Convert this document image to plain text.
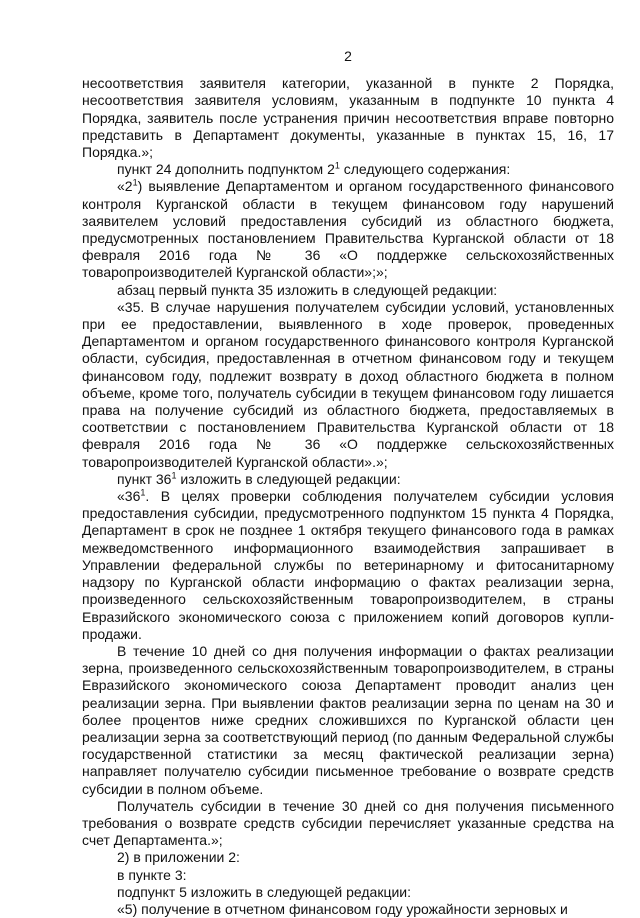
2

несоответствия заявителя категории, указанной в пункте 2 Порядка, несоответствия заявителя условиям, указанным в подпункте 10 пункта 4 Порядка, заявитель после устранения причин несоответствия вправе повторно представить в Департамент документы, указанные в пунктах 15, 16, 17 Порядка.»;

пункт 24 дополнить подпунктом $2^1$ следующего содержания:

«$2^1$) выявление Департаментом и органом государственного финансового контроля Курганской области в текущем финансовом году нарушений заявителем условий предоставления субсидий из областного бюджета, предусмотренных постановлением Правительства Курганской области от 18 февраля 2016 года № 36 «О поддержке сельскохозяйственных товаропроизводителей Курганской области»;»;

абзац первый пункта 35 изложить в следующей редакции:

«35. В случае нарушения получателем субсидии условий, установленных при ее предоставлении, выявленного в ходе проверок, проведенных Департаментом и органом государственного финансового контроля Курганской области, субсидия, предоставленная в отчетном финансовом году и текущем финансовом году, подлежит возврату в доход областного бюджета в полном объеме, кроме того, получатель субсидии в текущем финансовом году лишается права на получение субсидий из областного бюджета, предоставляемых в соответствии с постановлением Правительства Курганской области от 18 февраля 2016 года № 36 «О поддержке сельскохозяйственных товаропроизводителей Курганской области».»;

пункт $36^1$ изложить в следующей редакции:

«$36^1$. В целях проверки соблюдения получателем субсидии условия предоставления субсидии, предусмотренного подпунктом 15 пункта 4 Порядка, Департамент в срок не позднее 1 октября текущего финансового года в рамках межведомственного информационного взаимодействия запрашивает в Управлении федеральной службы по ветеринарному и фитосанитарному надзору по Курганской области информацию о фактах реализации зерна, произведенного сельскохозяйственным товаропроизводителем, в страны Евразийского экономического союза с приложением копий договоров купли-продажи.

В течение 10 дней со дня получения информации о фактах реализации зерна, произведенного сельскохозяйственным товаропроизводителем, в страны Евразийского экономического союза Департамент проводит анализ цен реализации зерна. При выявлении фактов реализации зерна по ценам на 30 и более процентов ниже средних сложившихся по Курганской области цен реализации зерна за соответствующий период (по данным Федеральной службы государственной статистики за месяц фактической реализации зерна) направляет получателю субсидии письменное требование о возврате средств субсидии в полном объеме.

Получатель субсидии в течение 30 дней со дня получения письменного требования о возврате средств субсидии перечисляет указанные средства на счет Департамента.»;

2) в приложении 2:

в пункте 3:

подпункт 5 изложить в следующей редакции:

«5) получение в отчетном финансовом году урожайности зерновых и
